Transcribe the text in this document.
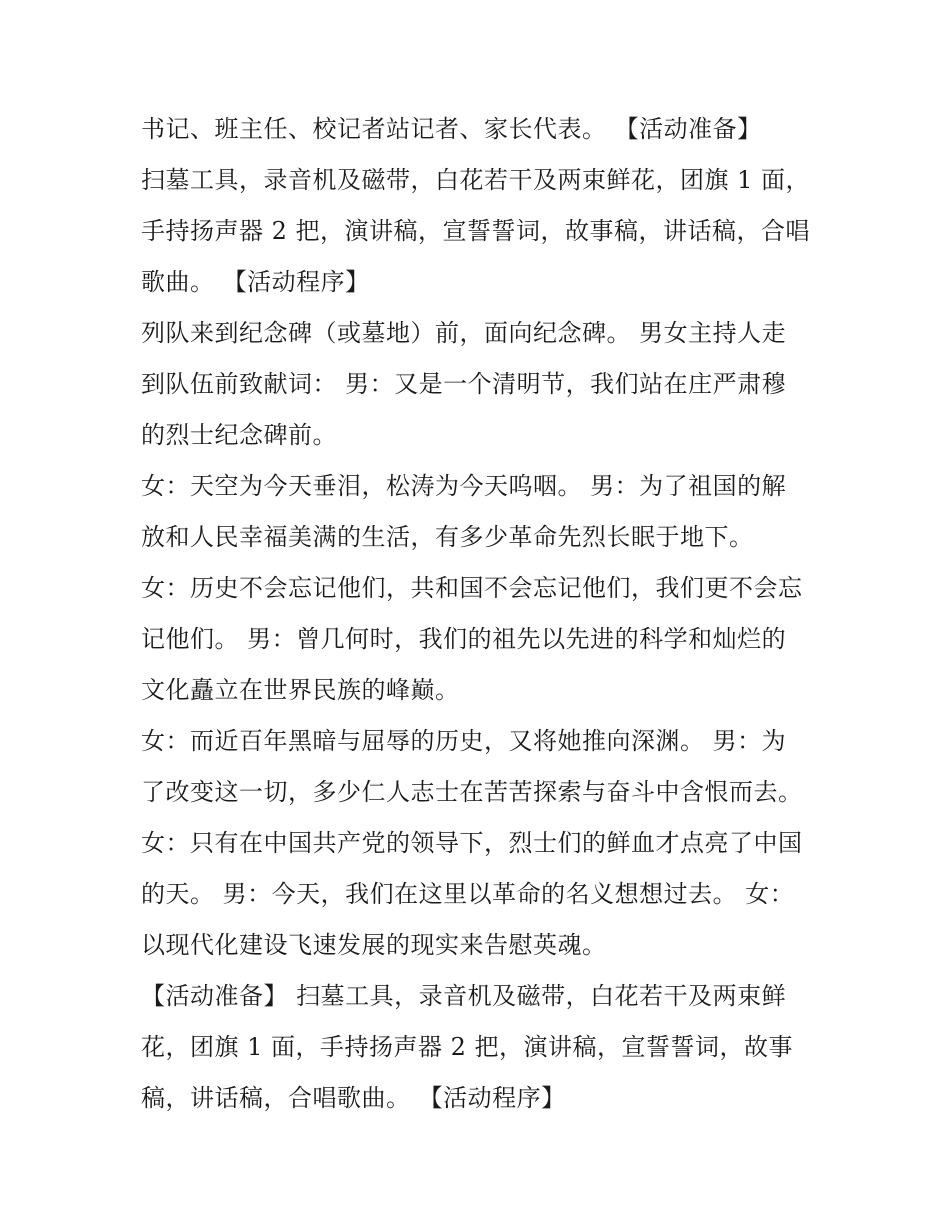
书记、班主任、校记者站记者、家长代表。 【活动准备】
扫墓工具，录音机及磁带，白花若干及两束鲜花，团旗 1 面，
手持扬声器 2 把，演讲稿，宣誓誓词，故事稿，讲话稿，合唱
歌曲。 【活动程序】
列队来到纪念碑（或墓地）前，面向纪念碑。 男女主持人走
到队伍前致献词： 男：又是一个清明节，我们站在庄严肃穆
的烈士纪念碑前。
女：天空为今天垂泪，松涛为今天呜咽。 男：为了祖国的解
放和人民幸福美满的生活，有多少革命先烈长眠于地下。
女：历史不会忘记他们，共和国不会忘记他们，我们更不会忘
记他们。 男：曾几何时，我们的祖先以先进的科学和灿烂的
文化矗立在世界民族的峰巅。
女：而近百年黑暗与屈辱的历史，又将她推向深渊。 男：为
了改变这一切，多少仁人志士在苦苦探索与奋斗中含恨而去。
女：只有在中国共产党的领导下，烈士们的鲜血才点亮了中国
的天。 男：今天，我们在这里以革命的名义想想过去。 女：
以现代化建设飞速发展的现实来告慰英魂。
【活动准备】 扫墓工具，录音机及磁带，白花若干及两束鲜
花，团旗 1 面，手持扬声器 2 把，演讲稿，宣誓誓词，故事
稿，讲话稿，合唱歌曲。 【活动程序】
